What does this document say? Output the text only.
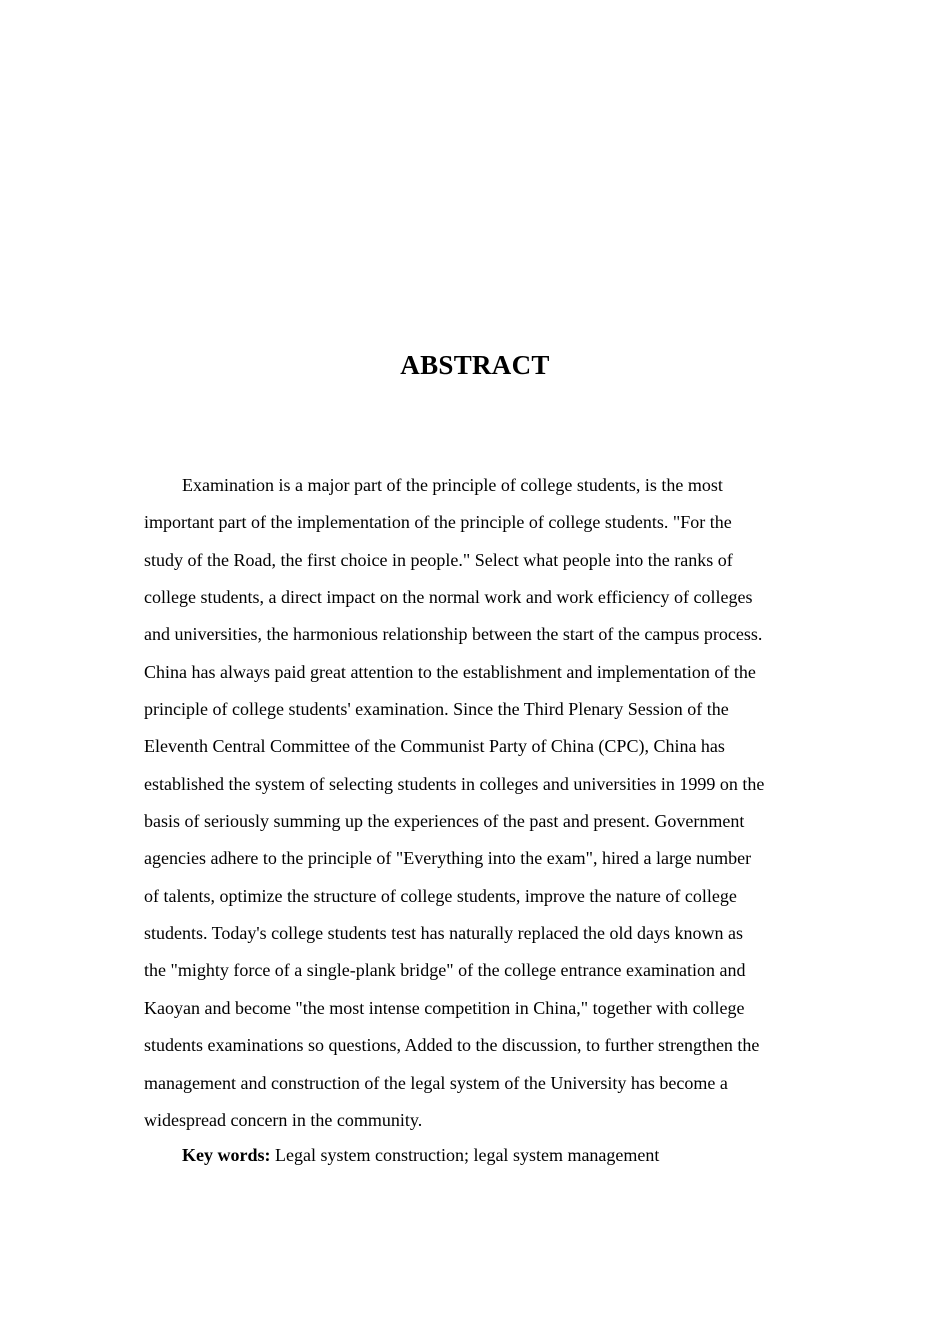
ABSTRACT

Examination is a major part of the principle of college students, is the most

important part of the implementation of the principle of college students. "For the

study of the Road, the first choice in people." Select what people into the ranks of

college students, a direct impact on the normal work and work efficiency of colleges

and universities, the harmonious relationship between the start of the campus process.

China has always paid great attention to the establishment and implementation of the

principle of college students' examination. Since the Third Plenary Session of the

Eleventh Central Committee of the Communist Party of China (CPC), China has

established the system of selecting students in colleges and universities in 1999 on the

basis of seriously summing up the experiences of the past and present. Government

agencies adhere to the principle of "Everything into the exam", hired a large number

of talents, optimize the structure of college students, improve the nature of college

students. Today's college students test has naturally replaced the old days known as

the "mighty force of a single-plank bridge" of the college entrance examination and

Kaoyan and become "the most intense competition in China," together with college

students examinations so questions, Added to the discussion, to further strengthen the

management and construction of the legal system of the University has become a

widespread concern in the community.

Key words: Legal system construction; legal system management
